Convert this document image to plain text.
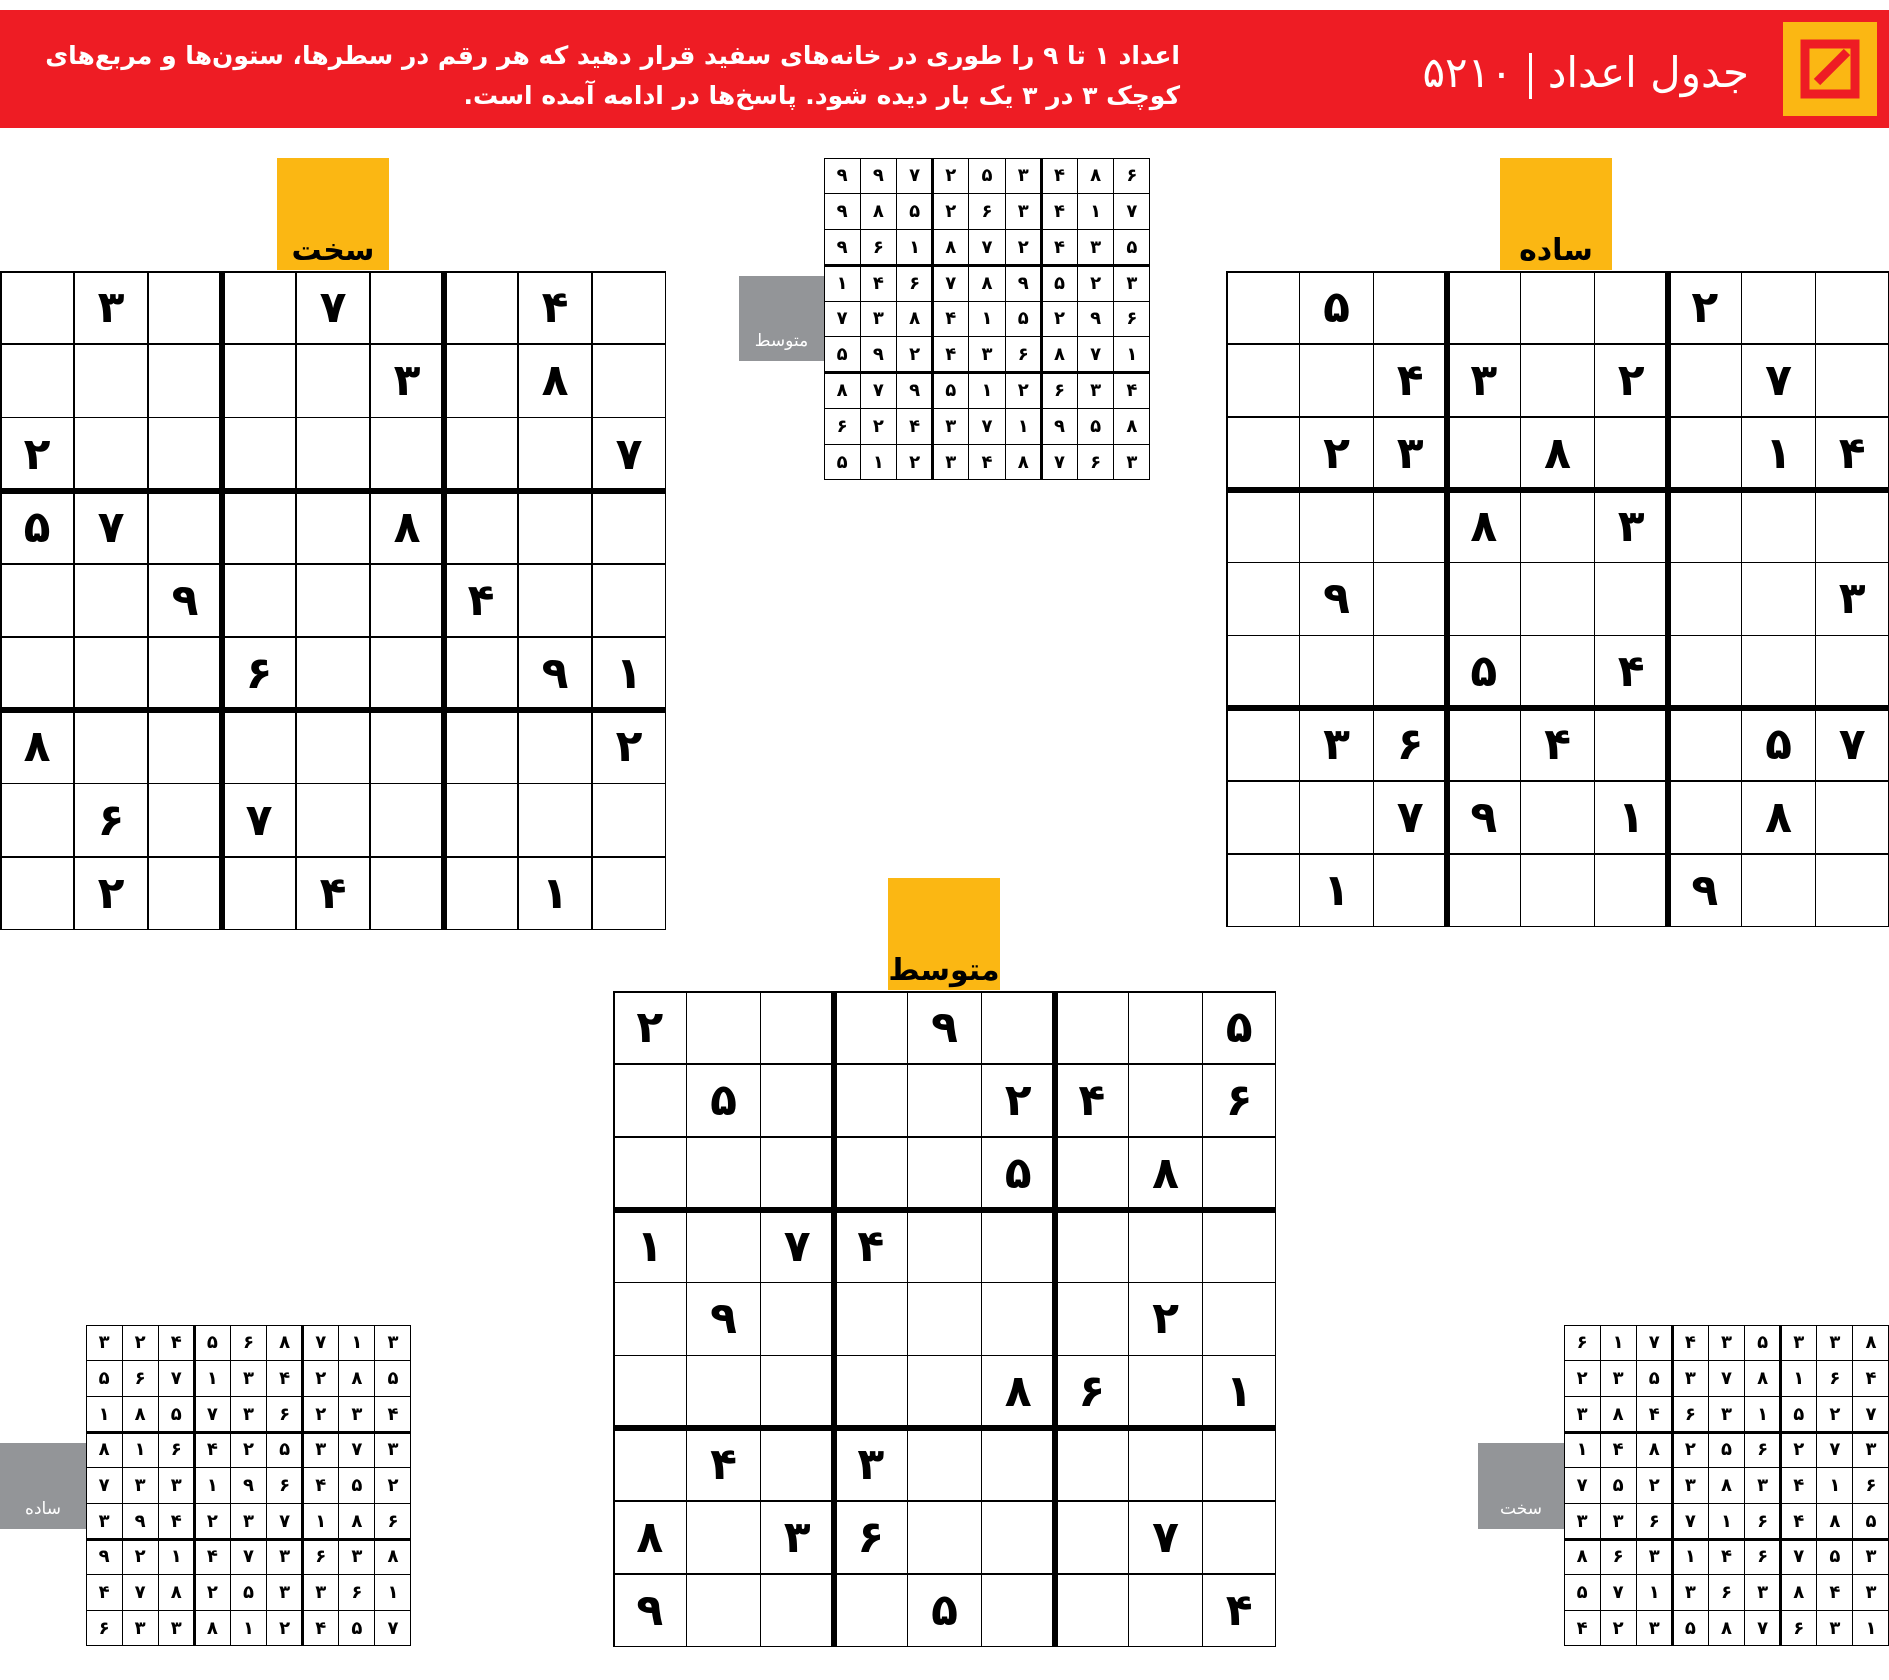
جدول اعداد۵۲۱۰
اعداد ۱ تا ۹ را طوری در خانه‌های سفید قرار دهید که هر رقم در سطرها، ستون‌ها و مربع‌های کوچک ۳ در ۳ یک بار دیده شود. پاسخ‌ها در ادامه آمده است.
سخت
۴
۷
۳
۸
۳
۷
۲
۸
۷
۵
۴
۹
۱
۹
۶
۲
۸
۷
۶
۱
۴
۲
ساده
۲
۵
۷
۲
۳
۴
۴
۱
۸
۳
۲
۳
۸
۳
۹
۴
۵
۷
۵
۴
۶
۳
۸
۱
۹
۷
۹
۱
متوسط
۵
۹
۲
۶
۴
۲
۵
۸
۵
۴
۷
۱
۲
۹
۱
۶
۸
۳
۴
۷
۶
۳
۸
۴
۵
۹
متوسط
۶
۸
۴
۳
۵
۲
۷
۹
۹
۷
۱
۴
۳
۶
۲
۵
۸
۹
۵
۳
۴
۲
۷
۸
۱
۶
۹
۳
۲
۵
۹
۸
۷
۶
۴
۱
۶
۹
۲
۵
۱
۴
۸
۳
۷
۱
۷
۸
۶
۳
۴
۲
۹
۵
۴
۳
۶
۲
۱
۵
۹
۷
۸
۸
۵
۹
۱
۷
۳
۴
۲
۶
۳
۶
۷
۸
۴
۳
۲
۱
۵
ساده
۳
۱
۷
۸
۶
۵
۴
۲
۳
۵
۸
۲
۴
۳
۱
۷
۶
۵
۴
۳
۲
۶
۳
۷
۵
۸
۱
۳
۷
۳
۵
۲
۴
۶
۱
۸
۲
۵
۴
۶
۹
۱
۳
۳
۷
۶
۸
۱
۷
۳
۲
۴
۹
۳
۸
۳
۶
۳
۷
۴
۱
۲
۹
۱
۶
۳
۳
۵
۲
۸
۷
۴
۷
۵
۴
۲
۱
۸
۳
۳
۶
سخت
۸
۳
۳
۵
۳
۴
۷
۱
۶
۴
۶
۱
۸
۷
۳
۵
۳
۲
۷
۲
۵
۱
۳
۶
۴
۸
۳
۳
۷
۲
۶
۵
۲
۸
۴
۱
۶
۱
۴
۳
۸
۳
۲
۵
۷
۵
۸
۴
۶
۱
۷
۶
۳
۳
۳
۵
۷
۶
۴
۱
۳
۶
۸
۳
۴
۸
۳
۶
۳
۱
۷
۵
۱
۳
۶
۷
۸
۵
۳
۲
۴
